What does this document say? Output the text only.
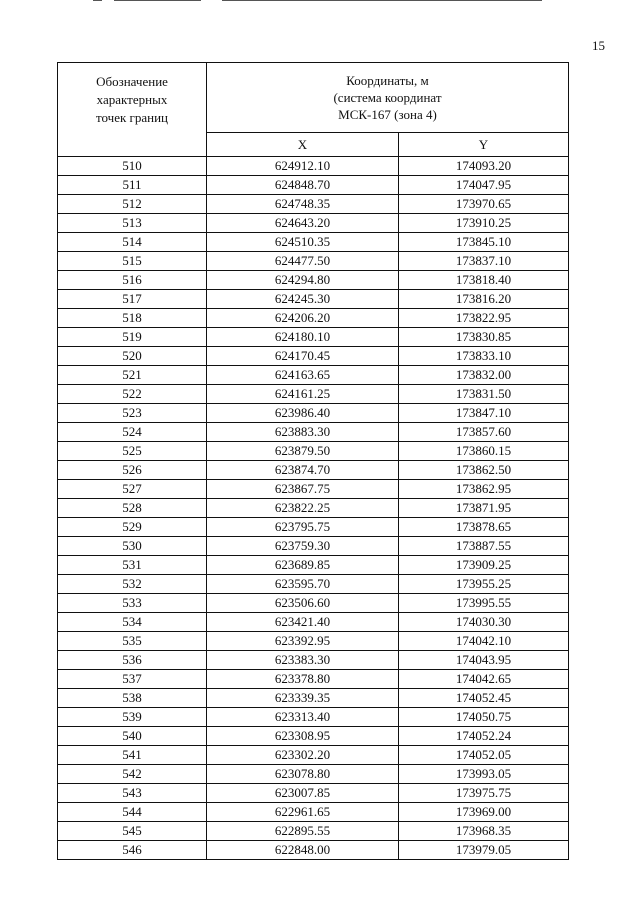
15
Обозначение
характерных
точек границ	Координаты, м
(система координат
МСК-167 (зона 4)	

	X	Y
510	624912.10	174093.20
511	624848.70	174047.95
512	624748.35	173970.65
513	624643.20	173910.25
514	624510.35	173845.10
515	624477.50	173837.10
516	624294.80	173818.40
517	624245.30	173816.20
518	624206.20	173822.95
519	624180.10	173830.85
520	624170.45	173833.10
521	624163.65	173832.00
522	624161.25	173831.50
523	623986.40	173847.10
524	623883.30	173857.60
525	623879.50	173860.15
526	623874.70	173862.50
527	623867.75	173862.95
528	623822.25	173871.95
529	623795.75	173878.65
530	623759.30	173887.55
531	623689.85	173909.25
532	623595.70	173955.25
533	623506.60	173995.55
534	623421.40	174030.30
535	623392.95	174042.10
536	623383.30	174043.95
537	623378.80	174042.65
538	623339.35	174052.45
539	623313.40	174050.75
540	623308.95	174052.24
541	623302.20	174052.05
542	623078.80	173993.05
543	623007.85	173975.75
544	622961.65	173969.00
545	622895.55	173968.35
546	622848.00	173979.05
